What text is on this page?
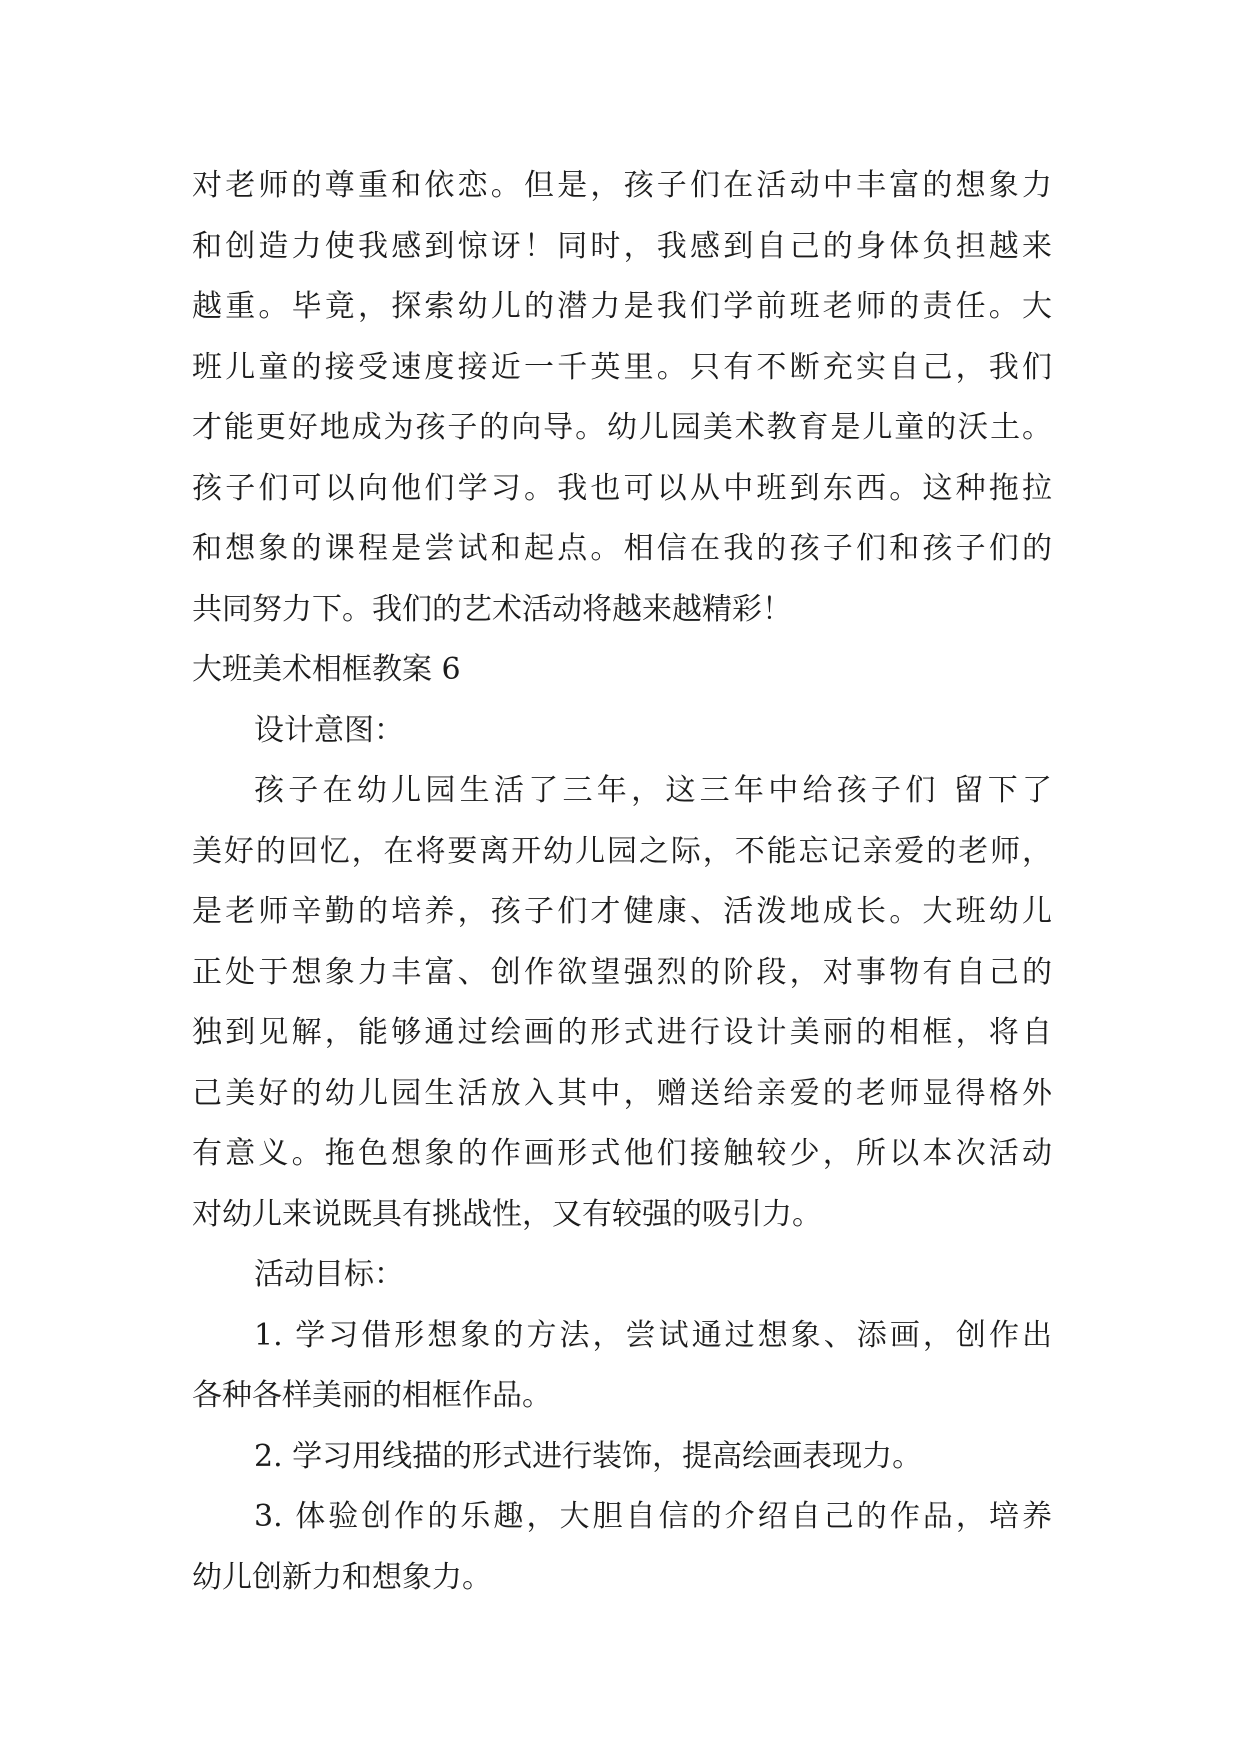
对老师的尊重和依恋。但是，孩子们在活动中丰富的想象力
和创造力使我感到惊讶！同时，我感到自己的身体负担越来
越重。毕竟，探索幼儿的潜力是我们学前班老师的责任。大
班儿童的接受速度接近一千英里。只有不断充实自己，我们
才能更好地成为孩子的向导。幼儿园美术教育是儿童的沃土。
孩子们可以向他们学习。我也可以从中班到东西。这种拖拉
和想象的课程是尝试和起点。相信在我的孩子们和孩子们的
共同努力下。我们的艺术活动将越来越精彩！
大班美术相框教案 6
设计意图：
孩子在幼儿园生活了三年，这三年中给孩子们 留下了
美好的回忆，在将要离开幼儿园之际，不能忘记亲爱的老师，
是老师辛勤的培养，孩子们才健康、活泼地成长。大班幼儿
正处于想象力丰富、创作欲望强烈的阶段，对事物有自己的
独到见解，能够通过绘画的形式进行设计美丽的相框，将自
己美好的幼儿园生活放入其中，赠送给亲爱的老师显得格外
有意义。拖色想象的作画形式他们接触较少，所以本次活动
对幼儿来说既具有挑战性，又有较强的吸引力。
活动目标：
1. 学习借形想象的方法，尝试通过想象、添画，创作出
各种各样美丽的相框作品。
2. 学习用线描的形式进行装饰，提高绘画表现力。
3. 体验创作的乐趣，大胆自信的介绍自己的作品，培养
幼儿创新力和想象力。
